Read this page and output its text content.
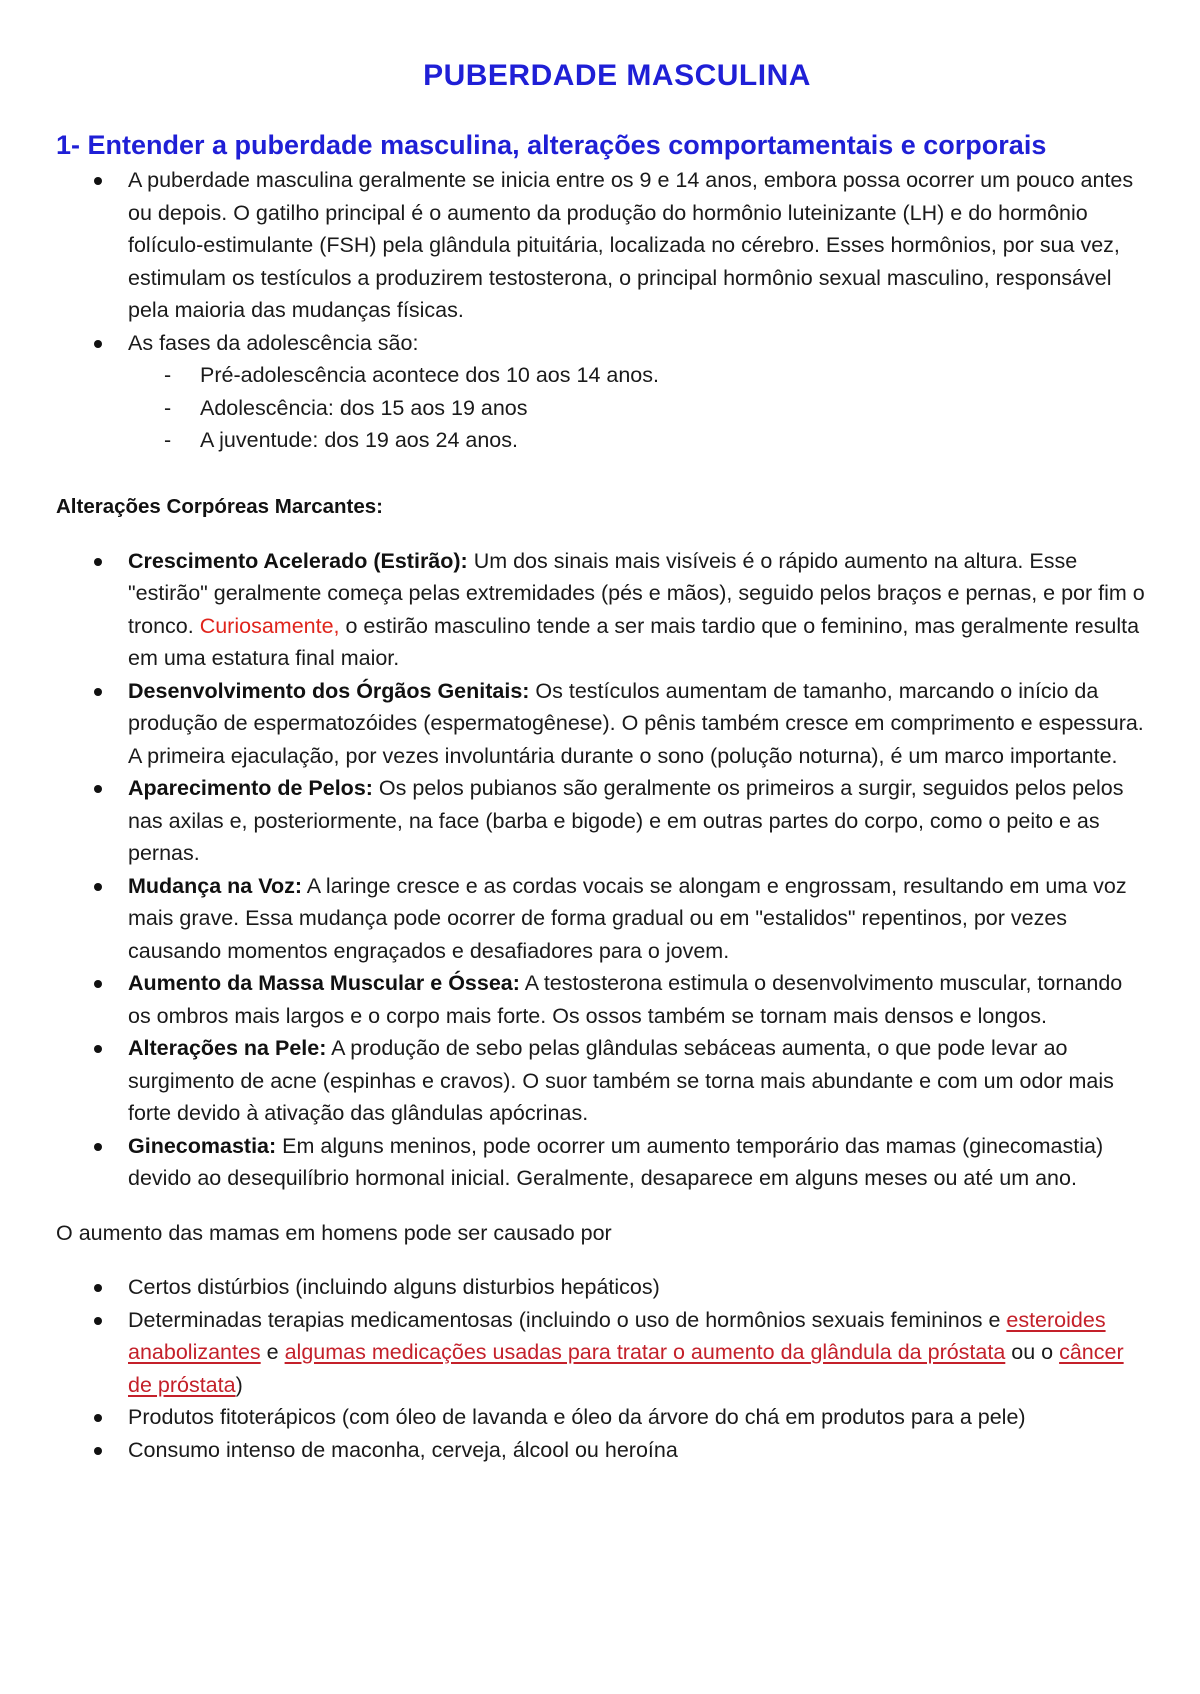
PUBERDADE MASCULINA
1- Entender a puberdade masculina, alterações comportamentais e corporais
A puberdade masculina geralmente se inicia entre os 9 e 14 anos, embora possa ocorrer um pouco antes ou depois. O gatilho principal é o aumento da produção do hormônio luteinizante (LH) e do hormônio folículo-estimulante (FSH) pela glândula pituitária, localizada no cérebro. Esses hormônios, por sua vez, estimulam os testículos a produzirem testosterona, o principal hormônio sexual masculino, responsável pela maioria das mudanças físicas.
As fases da adolescência são:
- Pré-adolescência acontece dos 10 aos 14 anos.
- Adolescência: dos 15 aos 19 anos
- A juventude: dos 19 aos 24 anos.
Alterações Corpóreas Marcantes:
Crescimento Acelerado (Estirão): Um dos sinais mais visíveis é o rápido aumento na altura. Esse "estirão" geralmente começa pelas extremidades (pés e mãos), seguido pelos braços e pernas, e por fim o tronco. Curiosamente, o estirão masculino tende a ser mais tardio que o feminino, mas geralmente resulta em uma estatura final maior.
Desenvolvimento dos Órgãos Genitais: Os testículos aumentam de tamanho, marcando o início da produção de espermatozóides (espermatogênese). O pênis também cresce em comprimento e espessura. A primeira ejaculação, por vezes involuntária durante o sono (polução noturna), é um marco importante.
Aparecimento de Pelos: Os pelos pubianos são geralmente os primeiros a surgir, seguidos pelos pelos nas axilas e, posteriormente, na face (barba e bigode) e em outras partes do corpo, como o peito e as pernas.
Mudança na Voz: A laringe cresce e as cordas vocais se alongam e engrossam, resultando em uma voz mais grave. Essa mudança pode ocorrer de forma gradual ou em "estalidos" repentinos, por vezes causando momentos engraçados e desafiadores para o jovem.
Aumento da Massa Muscular e Óssea: A testosterona estimula o desenvolvimento muscular, tornando os ombros mais largos e o corpo mais forte. Os ossos também se tornam mais densos e longos.
Alterações na Pele: A produção de sebo pelas glândulas sebáceas aumenta, o que pode levar ao surgimento de acne (espinhas e cravos). O suor também se torna mais abundante e com um odor mais forte devido à ativação das glândulas apócrinas.
Ginecomastia: Em alguns meninos, pode ocorrer um aumento temporário das mamas (ginecomastia) devido ao desequilíbrio hormonal inicial. Geralmente, desaparece em alguns meses ou até um ano.

O aumento das mamas em homens pode ser causado por

Certos distúrbios (incluindo alguns disturbios hepáticos)
Determinadas terapias medicamentosas (incluindo o uso de hormônios sexuais femininos e esteroides anabolizantes e algumas medicações usadas para tratar o aumento da glândula da próstata ou o câncer de próstata)
Produtos fitoterápicos (com óleo de lavanda e óleo da árvore do chá em produtos para a pele)
Consumo intenso de maconha, cerveja, álcool ou heroína
